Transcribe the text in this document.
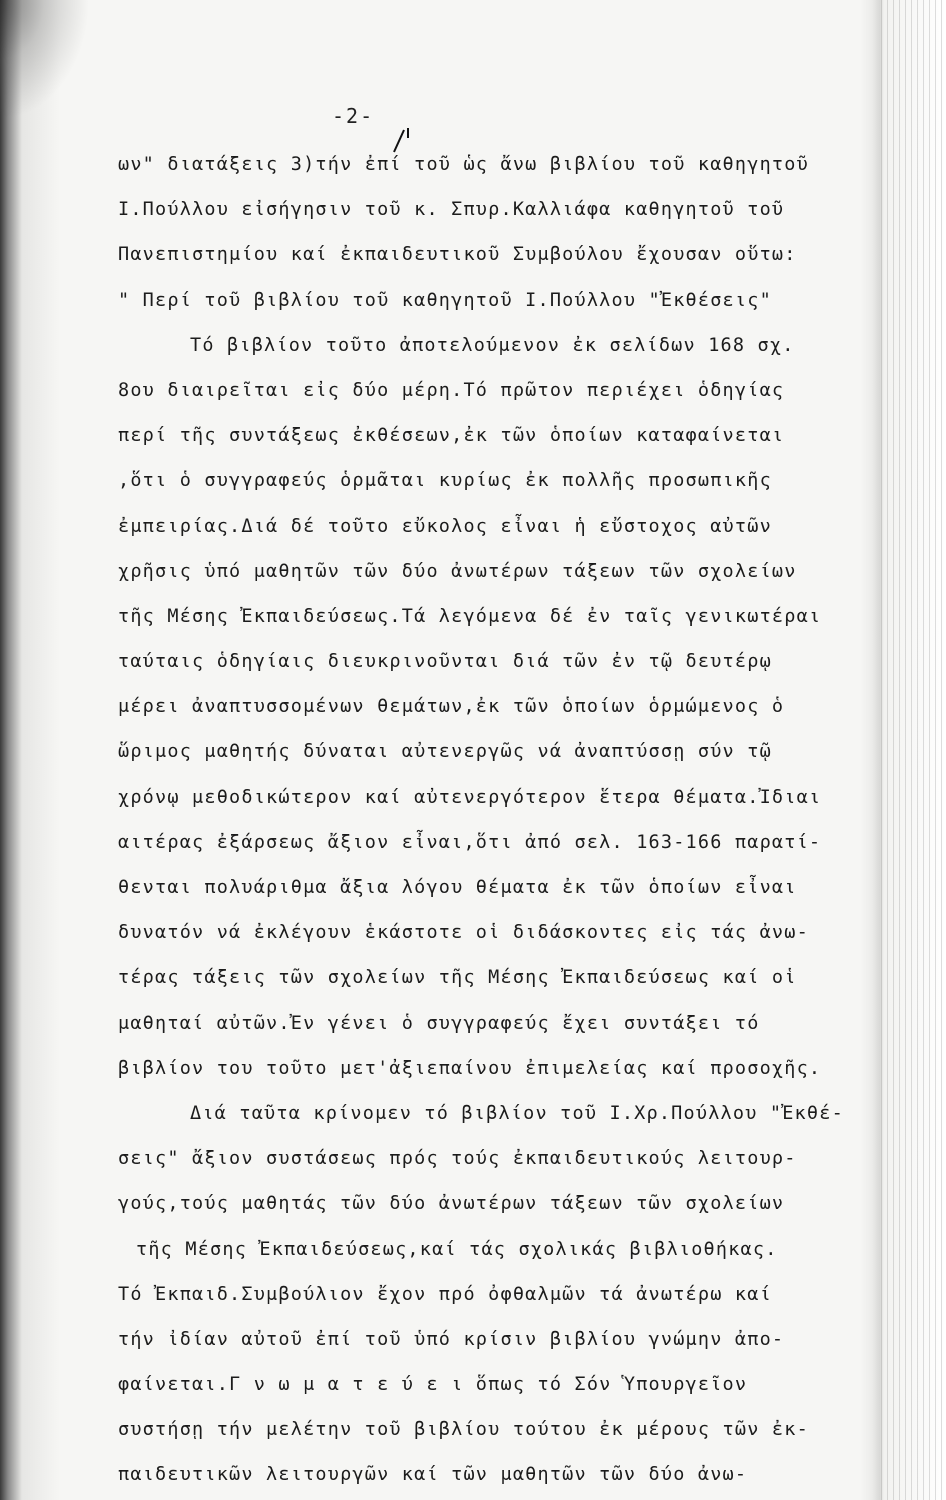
-2-
ων" διατάξεις 3)τήν ἐπί τοῦ ὡς ἄνω βιβλίου τοῦ καθηγητοῦ
Ι.Πούλλου εἰσήγησιν τοῦ κ. Σπυρ.Καλλιάφα καθηγητοῦ τοῦ
Πανεπιστημίου καί ἐκπαιδευτικοῦ Συμβούλου ἔχουσαν οὕτω:
" Περί τοῦ βιβλίου τοῦ καθηγητοῦ Ι.Πούλλου "Ἐκθέσεις"
Τό βιβλίον τοῦτο ἀποτελούμενον ἐκ σελίδων 168 σχ.
8ου διαιρεῖται εἰς δύο μέρη.Τό πρῶτον περιέχει ὁδηγίας
περί τῆς συντάξεως ἐκθέσεων,ἐκ τῶν ὁποίων καταφαίνεται
,ὅτι ὁ συγγραφεύς ὁρμᾶται κυρίως ἐκ πολλῆς προσωπικῆς
ἐμπειρίας.Διά δέ τοῦτο εὔκολος εἶναι ἡ εὔστοχος αὐτῶν
χρῆσις ὑπό μαθητῶν τῶν δύο ἀνωτέρων τάξεων τῶν σχολείων
τῆς Μέσης Ἐκπαιδεύσεως.Τά λεγόμενα δέ ἐν ταῖς γενικωτέραι
ταύταις ὁδηγίαις διευκρινοῦνται διά τῶν ἐν τῷ δευτέρῳ
μέρει ἀναπτυσσομένων θεμάτων,ἐκ τῶν ὁποίων ὁρμώμενος ὁ
ὥριμος μαθητής δύναται αὐτενεργῶς νά ἀναπτύσσῃ σύν τῷ
χρόνῳ μεθοδικώτερον καί αὐτενεργότερον ἕτερα θέματα.Ἰδιαι
αιτέρας ἐξάρσεως ἄξιον εἶναι,ὅτι ἀπό σελ. 163-166 παρατί-
θενται πολυάριθμα ἄξια λόγου θέματα ἐκ τῶν ὁποίων εἶναι
δυνατόν νά ἐκλέγουν ἑκάστοτε οἱ διδάσκοντες εἰς τάς ἀνω-
τέρας τάξεις τῶν σχολείων τῆς Μέσης Ἐκπαιδεύσεως καί οἱ
μαθηταί αὐτῶν.Ἐν γένει ὁ συγγραφεύς ἔχει συντάξει τό
βιβλίον του τοῦτο μετ'ἀξιεπαίνου ἐπιμελείας καί προσοχῆς.
Διά ταῦτα κρίνομεν τό βιβλίον τοῦ Ι.Χρ.Πούλλου "Ἐκθέ-
σεις" ἄξιον συστάσεως πρός τούς ἐκπαιδευτικούς λειτουρ-
γούς,τούς μαθητάς τῶν δύο ἀνωτέρων τάξεων τῶν σχολείων
τῆς Μέσης Ἐκπαιδεύσεως,καί τάς σχολικάς βιβλιοθήκας.
Τό Ἐκπαιδ.Συμβούλιον ἔχον πρό ὀφθαλμῶν τά ἀνωτέρω καί
τήν ἰδίαν αὐτοῦ ἐπί τοῦ ὑπό κρίσιν βιβλίου γνώμην ἀπο-
φαίνεται.Γ ν ω μ α τ ε ύ ε ι ὅπως τό Σόν Ὑπουργεῖον
συστήσῃ τήν μελέτην τοῦ βιβλίου τούτου ἐκ μέρους τῶν ἐκ-
παιδευτικῶν λειτουργῶν καί τῶν μαθητῶν τῶν δύο ἀνω-
